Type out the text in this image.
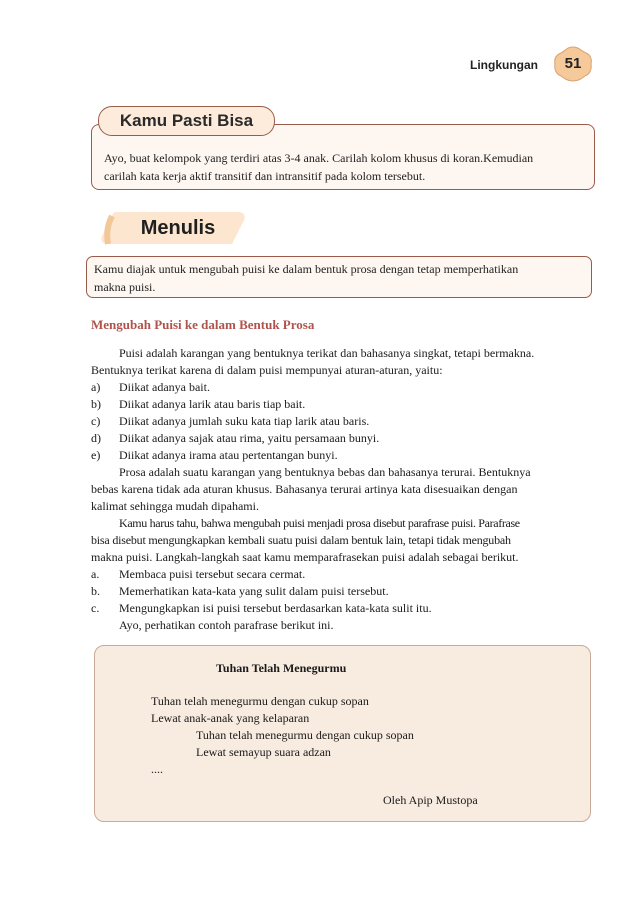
Lingkungan	51
Kamu Pasti Bisa
Ayo, buat kelompok yang terdiri atas 3-4 anak. Carilah kolom khusus di koran.Kemudian
carilah kata kerja aktif transitif dan intransitif pada kolom tersebut.
Menulis
Kamu diajak untuk mengubah puisi ke dalam bentuk prosa dengan tetap memperhatikan
makna puisi.
Mengubah Puisi ke dalam Bentuk Prosa
Puisi adalah karangan yang bentuknya terikat dan bahasanya singkat, tetapi bermakna.
Bentuknya terikat karena di dalam puisi mempunyai aturan-aturan, yaitu:
a) Diikat adanya bait.
b) Diikat adanya larik atau baris tiap bait.
c) Diikat adanya jumlah suku kata tiap larik atau baris.
d) Diikat adanya sajak atau rima, yaitu persamaan bunyi.
e) Diikat adanya irama atau pertentangan bunyi.
Prosa adalah suatu karangan yang bentuknya bebas dan bahasanya terurai. Bentuknya
bebas karena tidak ada aturan khusus. Bahasanya terurai artinya kata disesuaikan dengan
kalimat sehingga mudah dipahami.
Kamu harus tahu, bahwa mengubah puisi menjadi prosa disebut parafrase puisi. Parafrase
bisa disebut mengungkapkan kembali suatu puisi dalam bentuk lain, tetapi tidak mengubah
makna puisi. Langkah-langkah saat kamu memparafrasekan puisi adalah sebagai berikut.
a. Membaca puisi tersebut secara cermat.
b. Memerhatikan kata-kata yang sulit dalam puisi tersebut.
c. Mengungkapkan isi puisi tersebut berdasarkan kata-kata sulit itu.
Ayo, perhatikan contoh parafrase berikut ini.
Tuhan Telah Menegurmu
Tuhan telah menegurmu dengan cukup sopan
Lewat anak-anak yang kelaparan
Tuhan telah menegurmu dengan cukup sopan
Lewat semayup suara adzan
....
Oleh Apip Mustopa
